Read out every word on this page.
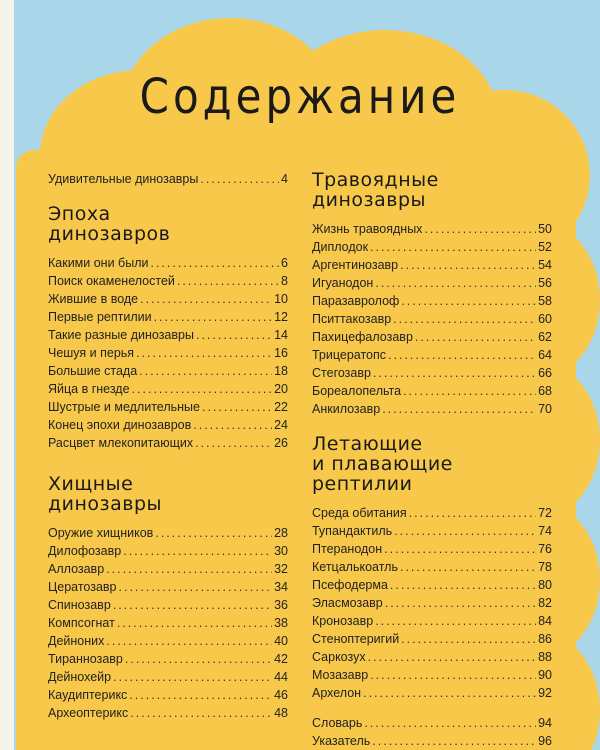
Содержание
Удивительные динозавры .....	4
Эпоха
динозавров
Какими они были .....	6
Поиск окаменелостей .....	8
Жившие в воде .....	10
Первые рептилии .....	12
Такие разные динозавры .....	14
Чешуя и перья .....	16
Большие стада .....	18
Яйца в гнезде .....	20
Шустрые и медлительные .....	22
Конец эпохи динозавров .....	24
Расцвет млекопитающих .....	26
Хищные
динозавры
Оружие хищников .....	28
Дилофозавр .....	30
Аллозавр .....	32
Цератозавр .....	34
Спинозавр .....	36
Компсогнат .....	38
Дейноних .....	40
Тираннозавр .....	42
Дейнохейр .....	44
Каудиптерикс .....	46
Археоптерикс .....	48
Травоядные
динозавры
Жизнь травоядных .....	50
Диплодок .....	52
Аргентинозавр .....	54
Игуанодон .....	56
Паразавролоф .....	58
Пситтакозавр .....	60
Пахицефалозавр .....	62
Трицератопс .....	64
Стегозавр .....	66
Бореалопельта .....	68
Анкилозавр .....	70
Летающие
и плавающие
рептилии
Среда обитания .....	72
Тупандактиль .....	74
Птеранодон .....	76
Кетцалькоатль .....	78
Псефодерма .....	80
Эласмозавр .....	82
Кронозавр .....	84
Стеноптеригий .....	86
Саркозух .....	88
Мозазавр .....	90
Архелон .....	92
Словарь .....	94
Указатель .....	96
